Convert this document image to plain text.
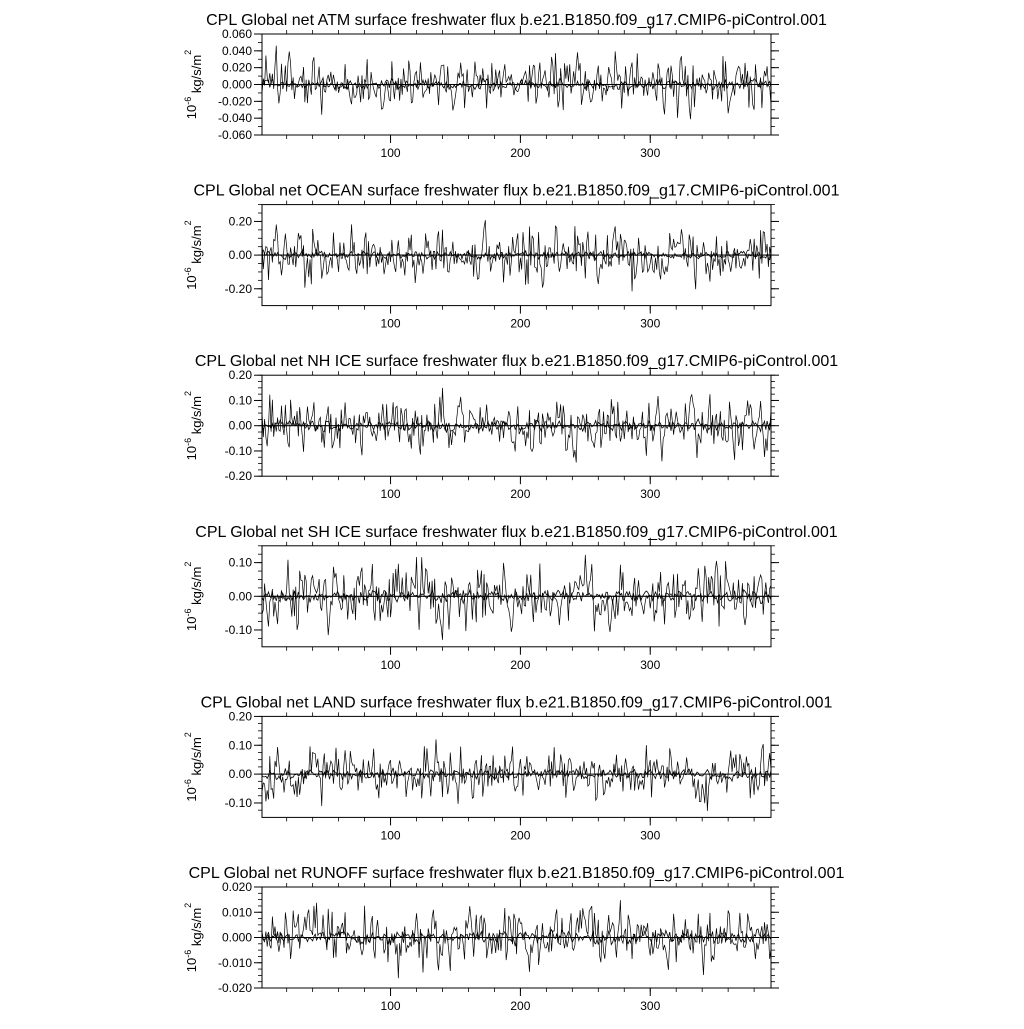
CPL Global net ATM surface freshwater flux b.e21.B1850.f09_g17.CMIP6-piControl.001
$10^{-6}$ $kg/s/m^2$
-0.060
-0.040
-0.020
0.000
0.020
0.040
0.060
100	200	300
CPL Global net OCEAN surface freshwater flux b.e21.B1850.f09_g17.CMIP6-piControl.001
$10^{-6}$ $kg/s/m^2$
-0.20
0.00
0.20
100	200	300
CPL Global net NH ICE surface freshwater flux b.e21.B1850.f09_g17.CMIP6-piControl.001
$10^{-6}$ $kg/s/m^2$
-0.20
-0.10
0.00
0.10
0.20
100	200	300
CPL Global net SH ICE surface freshwater flux b.e21.B1850.f09_g17.CMIP6-piControl.001
$10^{-6}$ $kg/s/m^2$
-0.10
0.00
0.10
100	200	300
CPL Global net LAND surface freshwater flux b.e21.B1850.f09_g17.CMIP6-piControl.001
$10^{-6}$ $kg/s/m^2$
-0.10
0.00
0.10
0.20
100	200	300
CPL Global net RUNOFF surface freshwater flux b.e21.B1850.f09_g17.CMIP6-piControl.001
$10^{-6}$ $kg/s/m^2$
-0.020
-0.010
0.000
0.010
0.020
100	200	300
